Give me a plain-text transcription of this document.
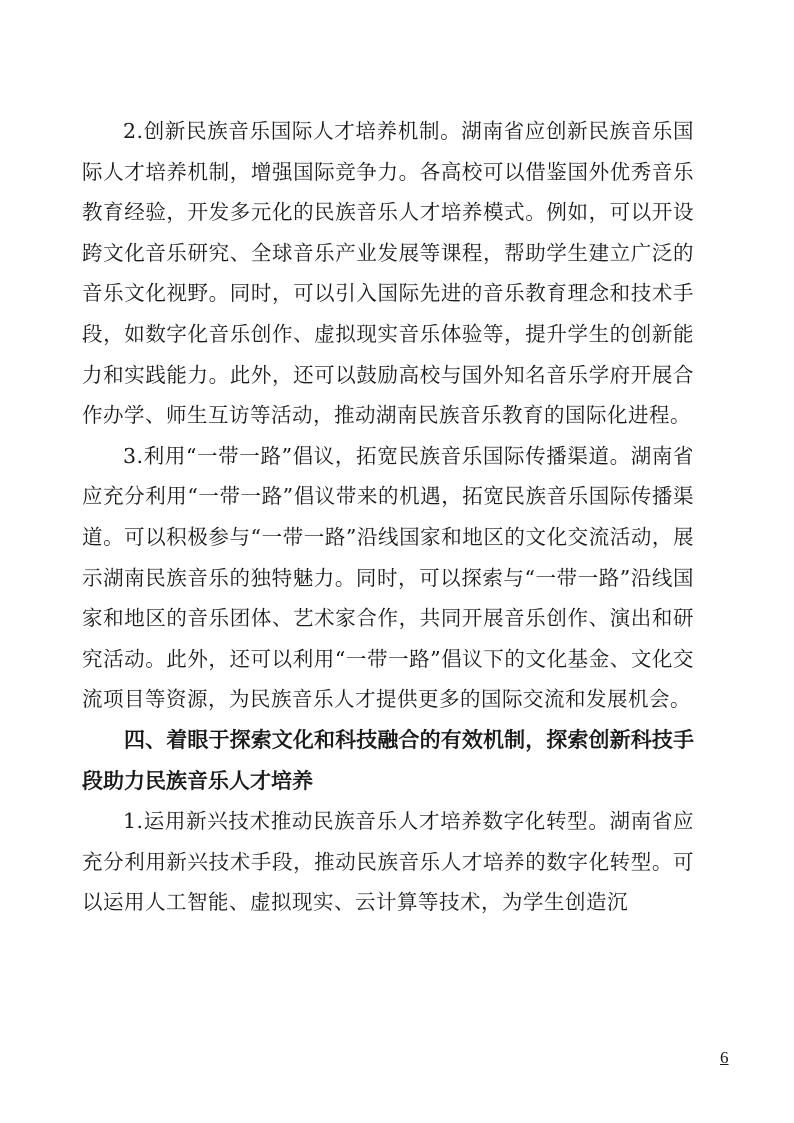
2.创新民族音乐国际人才培养机制。湖南省应创新民族音乐国际人才培养机制，增强国际竞争力。各高校可以借鉴国外优秀音乐教育经验，开发多元化的民族音乐人才培养模式。例如，可以开设跨文化音乐研究、全球音乐产业发展等课程，帮助学生建立广泛的音乐文化视野。同时，可以引入国际先进的音乐教育理念和技术手段，如数字化音乐创作、虚拟现实音乐体验等，提升学生的创新能力和实践能力。此外，还可以鼓励高校与国外知名音乐学府开展合作办学、师生互访等活动，推动湖南民族音乐教育的国际化进程。

3.利用“一带一路”倡议，拓宽民族音乐国际传播渠道。湖南省应充分利用“一带一路”倡议带来的机遇，拓宽民族音乐国际传播渠道。可以积极参与“一带一路”沿线国家和地区的文化交流活动，展示湖南民族音乐的独特魅力。同时，可以探索与“一带一路”沿线国家和地区的音乐团体、艺术家合作，共同开展音乐创作、演出和研究活动。此外，还可以利用“一带一路”倡议下的文化基金、文化交流项目等资源，为民族音乐人才提供更多的国际交流和发展机会。

四、着眼于探索文化和科技融合的有效机制，探索创新科技手段助力民族音乐人才培养

1.运用新兴技术推动民族音乐人才培养数字化转型。湖南省应充分利用新兴技术手段，推动民族音乐人才培养的数字化转型。可以运用人工智能、虚拟现实、云计算等技术，为学生创造沉

6
